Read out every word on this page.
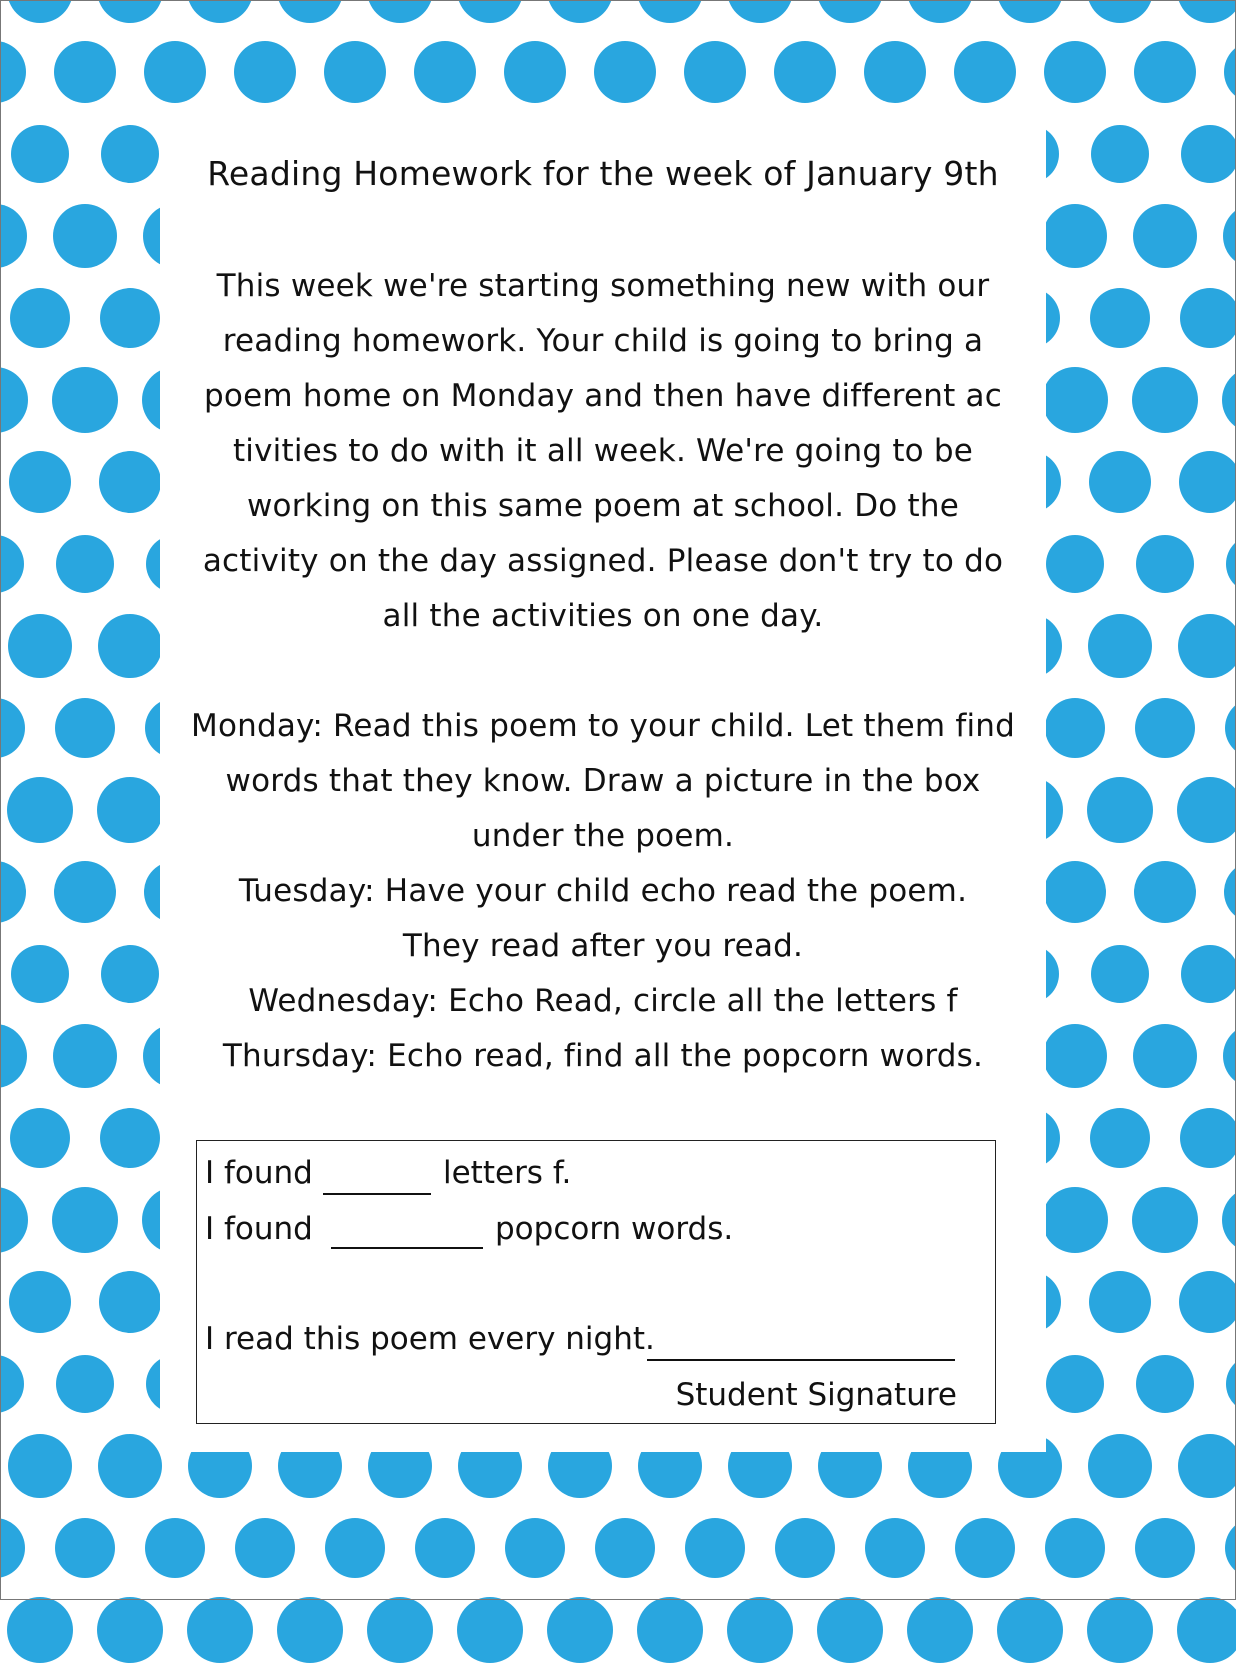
Reading Homework for the week of January 9th
This week we're starting something new with our
reading homework. Your child is going to bring a
poem home on Monday and then have different ac
tivities to do with it all week. We're going to be
working on this same poem at school. Do the
activity on the day assigned. Please don't try to do
all the activities on one day.
Monday: Read this poem to your child. Let them find
words that they know. Draw a picture in the box
under the poem.
Tuesday: Have your child echo read the poem.
They read after you read.
Wednesday: Echo Read, circle all the letters f
Thursday: Echo read, find all the popcorn words.
I found	letters f.
I found	popcorn words.
I read this poem every night.
Student Signature
